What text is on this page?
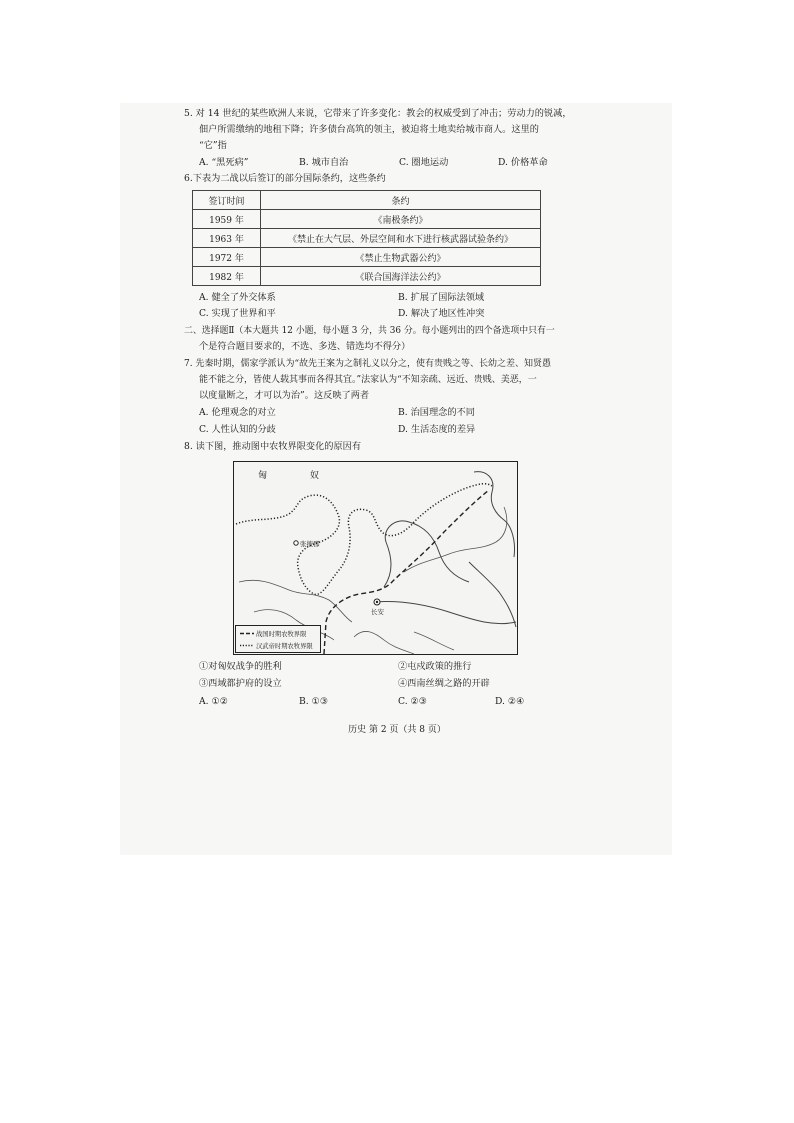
5. 对 14 世纪的某些欧洲人来说，它带来了许多变化：教会的权威受到了冲击；劳动力的锐减，
佃户所需缴纳的地租下降；许多债台高筑的领主，被迫将土地卖给城市商人。这里的
“它”指
A. “黑死病”	B. 城市自治	C. 圈地运动	D. 价格革命
6.下表为二战以后签订的部分国际条约，这些条约
签订时间	条约
1959 年	《南极条约》
1963 年	《禁止在大气层、外层空间和水下进行核武器试验条约》
1972 年	《禁止生物武器公约》
1982 年	《联合国海洋法公约》
A. 健全了外交体系	B. 扩展了国际法领域
C. 实现了世界和平	D. 解决了地区性冲突
二、选择题Ⅱ（本大题共 12 小题，每小题 3 分，共 36 分。每小题列出的四个备选项中只有一
个是符合题目要求的，不选、多选、错选均不得分）
7. 先秦时期，儒家学派认为“故先王案为之制礼义以分之，使有贵贱之等、长幼之差、知贤愚
能不能之分，皆使人载其事而各得其宜。”法家认为“不知亲疏、远近、贵贱、美恶，一
以度量断之，才可以为治”。这反映了两者
A. 伦理观念的对立	B. 治国理念的不同
C. 人性认知的分歧	D. 生活态度的差异
8. 读下图，推动图中农牧界限变化的原因有
匈	奴
张掖郡
长安
战国时期农牧界限
汉武帝时期农牧界限
①对匈奴战争的胜利	②屯戍政策的推行
③西域都护府的设立	④西南丝绸之路的开辟
A. ①②	B. ①③	C. ②③	D. ②④
历史 第 2 页（共 8 页）
